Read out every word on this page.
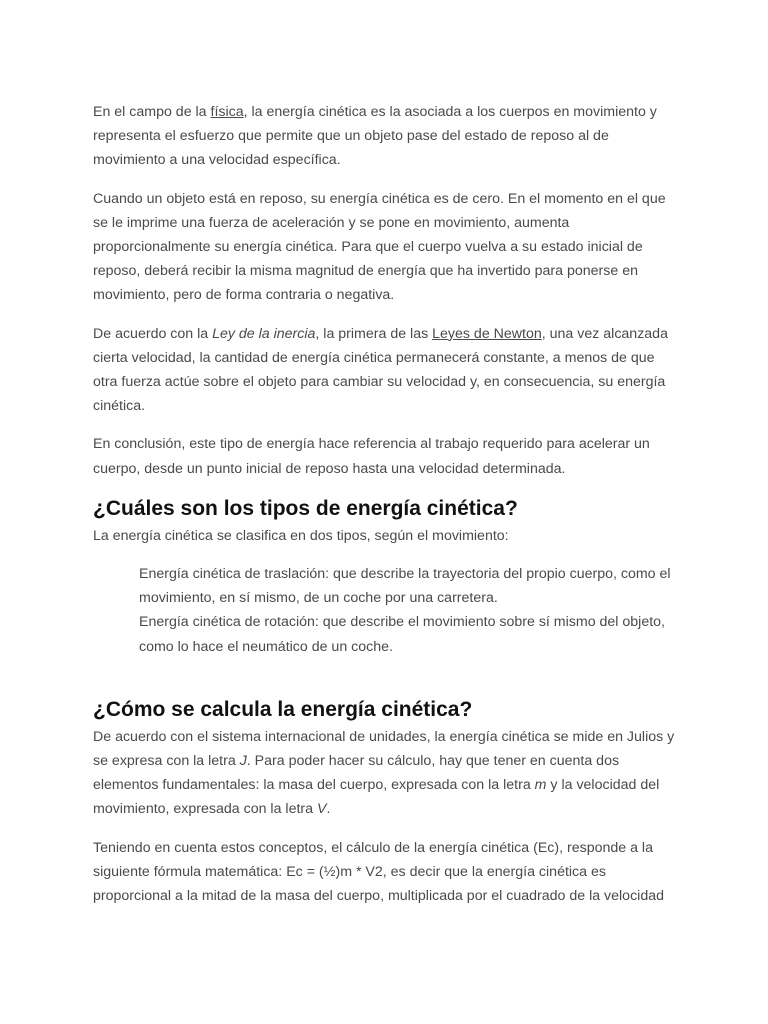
En el campo de la física, la energía cinética es la asociada a los cuerpos en movimiento y representa el esfuerzo que permite que un objeto pase del estado de reposo al de movimiento a una velocidad específica.

Cuando un objeto está en reposo, su energía cinética es de cero. En el momento en el que se le imprime una fuerza de aceleración y se pone en movimiento, aumenta proporcionalmente su energía cinética. Para que el cuerpo vuelva a su estado inicial de reposo, deberá recibir la misma magnitud de energía que ha invertido para ponerse en movimiento, pero de forma contraria o negativa.

De acuerdo con la Ley de la inercia, la primera de las Leyes de Newton, una vez alcanzada cierta velocidad, la cantidad de energía cinética permanecerá constante, a menos de que otra fuerza actúe sobre el objeto para cambiar su velocidad y, en consecuencia, su energía cinética.

En conclusión, este tipo de energía hace referencia al trabajo requerido para acelerar un cuerpo, desde un punto inicial de reposo hasta una velocidad determinada.

¿Cuáles son los tipos de energía cinética?

La energía cinética se clasifica en dos tipos, según el movimiento:

Energía cinética de traslación: que describe la trayectoria del propio cuerpo, como el movimiento, en sí mismo, de un coche por una carretera.
Energía cinética de rotación: que describe el movimiento sobre sí mismo del objeto, como lo hace el neumático de un coche.
¿Cómo se calcula la energía cinética?

De acuerdo con el sistema internacional de unidades, la energía cinética se mide en Julios y se expresa con la letra J. Para poder hacer su cálculo, hay que tener en cuenta dos elementos fundamentales: la masa del cuerpo, expresada con la letra m y la velocidad del movimiento, expresada con la letra V.

Teniendo en cuenta estos conceptos, el cálculo de la energía cinética (Ec), responde a la siguiente fórmula matemática: Ec = (½)m * V2, es decir que la energía cinética es proporcional a la mitad de la masa del cuerpo, multiplicada por el cuadrado de la velocidad
